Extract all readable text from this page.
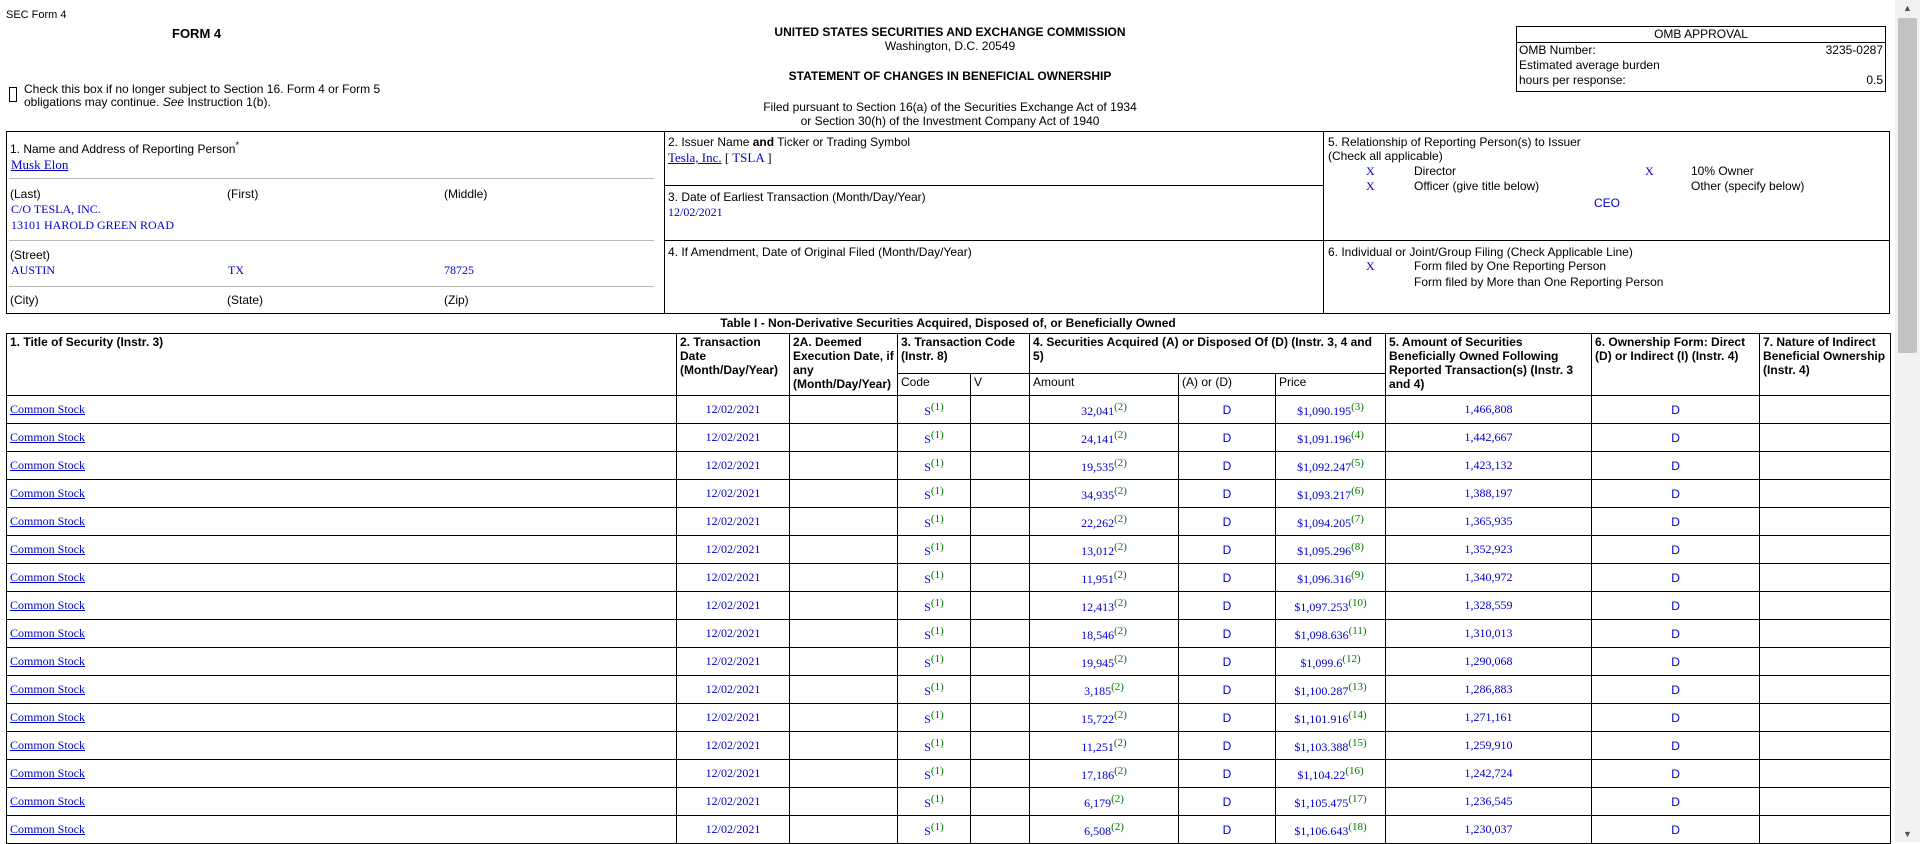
SEC Form 4
FORM 4	UNITED STATES SECURITIES AND EXCHANGE COMMISSION
Washington, D.C. 20549
STATEMENT OF CHANGES IN BENEFICIAL OWNERSHIP
Filed pursuant to Section 16(a) of the Securities Exchange Act of 1934
or Section 30(h) of the Investment Company Act of 1940
Check this box if no longer subject to Section 16. Form 4 or Form 5
obligations may continue. See Instruction 1(b).
OMB APPROVAL
OMB Number:	3235-0287
Estimated average burden
hours per response:	0.5
1. Name and Address of Reporting Person*
Musk Elon
(Last)	(First)	(Middle)
C/O TESLA, INC.
13101 HAROLD GREEN ROAD
(Street)
AUSTIN	TX	78725
(City)	(State)	(Zip)
2. Issuer Name and Ticker or Trading Symbol
Tesla, Inc. [ TSLA ]
3. Date of Earliest Transaction (Month/Day/Year)
12/02/2021
4. If Amendment, Date of Original Filed (Month/Day/Year)
5. Relationship of Reporting Person(s) to Issuer
(Check all applicable)
X	Director	X	10% Owner
X	Officer (give title below)	Other (specify below)
CEO
6. Individual or Joint/Group Filing (Check Applicable Line)
X	Form filed by One Reporting Person
Form filed by More than One Reporting Person
Table I - Non-Derivative Securities Acquired, Disposed of, or Beneficially Owned
1. Title of Security (Instr. 3)	2. Transaction Date (Month/Day/Year)	2A. Deemed Execution Date, if any (Month/Day/Year)	3. Transaction Code (Instr. 8)		4. Securities Acquired (A) or Disposed Of (D) (Instr. 3, 4 and 5)			5. Amount of Securities Beneficially Owned Following Reported Transaction(s) (Instr. 3 and 4)	6. Ownership Form: Direct (D) or Indirect (I) (Instr. 4)	7. Nature of Indirect Beneficial Ownership (Instr. 4)
			Code	V	Amount	(A) or (D)	Price			
Common Stock	12/02/2021		S$^{(1)}$		32,041$^{(2)}$	D	$1,090.195$^{(3)}$	1,466,808	D	
Common Stock	12/02/2021		S$^{(1)}$		24,141$^{(2)}$	D	$1,091.196$^{(4)}$	1,442,667	D	
Common Stock	12/02/2021		S$^{(1)}$		19,535$^{(2)}$	D	$1,092.247$^{(5)}$	1,423,132	D	
Common Stock	12/02/2021		S$^{(1)}$		34,935$^{(2)}$	D	$1,093.217$^{(6)}$	1,388,197	D	
Common Stock	12/02/2021		S$^{(1)}$		22,262$^{(2)}$	D	$1,094.205$^{(7)}$	1,365,935	D	
Common Stock	12/02/2021		S$^{(1)}$		13,012$^{(2)}$	D	$1,095.296$^{(8)}$	1,352,923	D	
Common Stock	12/02/2021		S$^{(1)}$		11,951$^{(2)}$	D	$1,096.316$^{(9)}$	1,340,972	D	
Common Stock	12/02/2021		S$^{(1)}$		12,413$^{(2)}$	D	$1,097.253$^{(10)}$	1,328,559	D	
Common Stock	12/02/2021		S$^{(1)}$		18,546$^{(2)}$	D	$1,098.636$^{(11)}$	1,310,013	D	
Common Stock	12/02/2021		S$^{(1)}$		19,945$^{(2)}$	D	$1,099.6$^{(12)}$	1,290,068	D	
Common Stock	12/02/2021		S$^{(1)}$		3,185$^{(2)}$	D	$1,100.287$^{(13)}$	1,286,883	D	
Common Stock	12/02/2021		S$^{(1)}$		15,722$^{(2)}$	D	$1,101.916$^{(14)}$	1,271,161	D	
Common Stock	12/02/2021		S$^{(1)}$		11,251$^{(2)}$	D	$1,103.388$^{(15)}$	1,259,910	D	
Common Stock	12/02/2021		S$^{(1)}$		17,186$^{(2)}$	D	$1,104.22$^{(16)}$	1,242,724	D	
Common Stock	12/02/2021		S$^{(1)}$		6,179$^{(2)}$	D	$1,105.475$^{(17)}$	1,236,545	D	
Common Stock	12/02/2021		S$^{(1)}$		6,508$^{(2)}$	D	$1,106.643$^{(18)}$	1,230,037	D	
▲
▼
